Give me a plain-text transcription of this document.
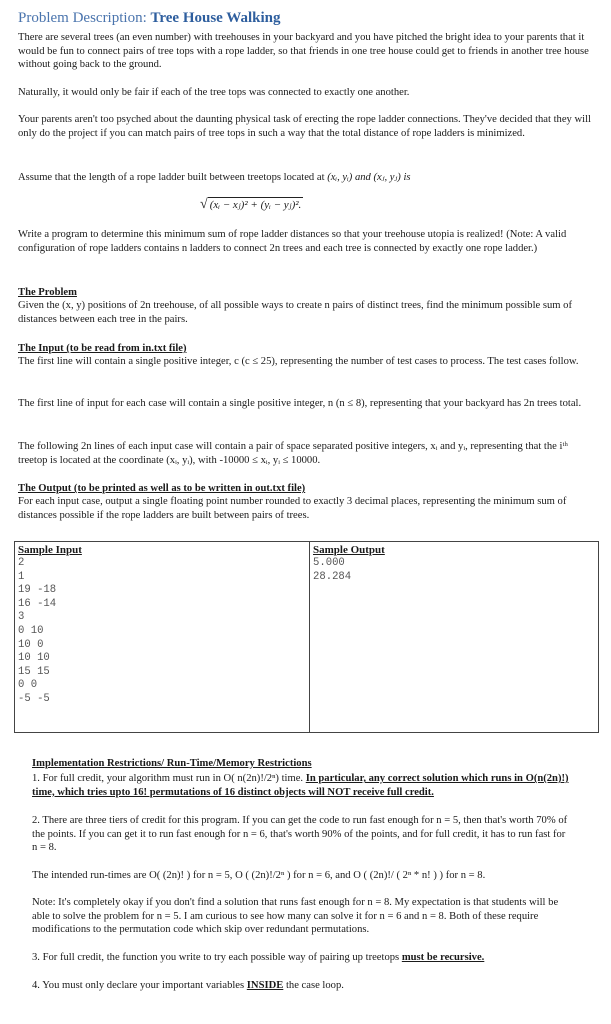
Problem Description: Tree House Walking

There are several trees (an even number) with treehouses in your backyard and you have pitched the bright idea to your parents that it would be fun to connect pairs of tree tops with a rope ladder, so that friends in one tree house could get to friends in another tree house without going back to the ground.

Naturally, it would only be fair if each of the tree tops was connected to exactly one another.

Your parents aren't too psyched about the daunting physical task of erecting the rope ladder connections. They've decided that they will only do the project if you can match pairs of tree tops in such a way that the total distance of rope ladders is minimized.

Assume that the length of a rope ladder built between treetops located at (xᵢ, yᵢ) and (xⱼ, yⱼ) is

√ (xᵢ − xⱼ)² + (yᵢ − yⱼ)².

Write a program to determine this minimum sum of rope ladder distances so that your treehouse utopia is realized! (Note: A valid configuration of rope ladders contains n ladders to connect 2n trees and each tree is connected by exactly one rope ladder.)

The Problem

Given the (x, y) positions of 2n treehouse, of all possible ways to create n pairs of distinct trees, find the minimum possible sum of distances between each tree in the pairs.

The Input (to be read from in.txt file)

The first line will contain a single positive integer, c (c ≤ 25), representing the number of test cases to process. The test cases follow.

The first line of input for each case will contain a single positive integer, n (n ≤ 8), representing that your backyard has 2n trees total.

The following 2n lines of each input case will contain a pair of space separated positive integers, xᵢ and yᵢ, representing that the iᵗʰ treetop is located at the coordinate (xᵢ, yᵢ), with -10000 ≤ xᵢ, yᵢ ≤ 10000.

The Output (to be printed as well as to be written in out.txt file)

For each input case, output a single floating point number rounded to exactly 3 decimal places, representing the minimum sum of distances possible if the rope ladders are built between pairs of trees.

Sample Input
2
1
19 -18
16 -14
3
0 10
10 0
10 10
15 15
0 0
-5 -5
Sample Output
5.000
28.284
Implementation Restrictions/ Run-Time/Memory Restrictions

1. For full credit, your algorithm must run in O( n(2n)!/2ⁿ) time. In particular, any correct solution which runs in O(n(2n)!) time, which tries upto 16! permutations of 16 distinct objects will NOT receive full credit.

2. There are three tiers of credit for this program. If you can get the code to run fast enough for n = 5, then that's worth 70% of the points. If you can get it to run fast enough for n = 6, that's worth 90% of the points, and for full credit, it has to run fast for n = 8.

The intended run-times are O( (2n)! ) for n = 5, O ( (2n)!/2ⁿ ) for n = 6, and O ( (2n)!/ ( 2ⁿ * n! ) ) for n = 8.

Note: It's completely okay if you don't find a solution that runs fast enough for n = 8. My expectation is that students will be able to solve the problem for n = 5. I am curious to see how many can solve it for n = 6 and n = 8. Both of these require modifications to the permutation code which skip over redundant permutations.

3. For full credit, the function you write to try each possible way of pairing up treetops must be recursive.

4. You must only declare your important variables INSIDE the case loop.
